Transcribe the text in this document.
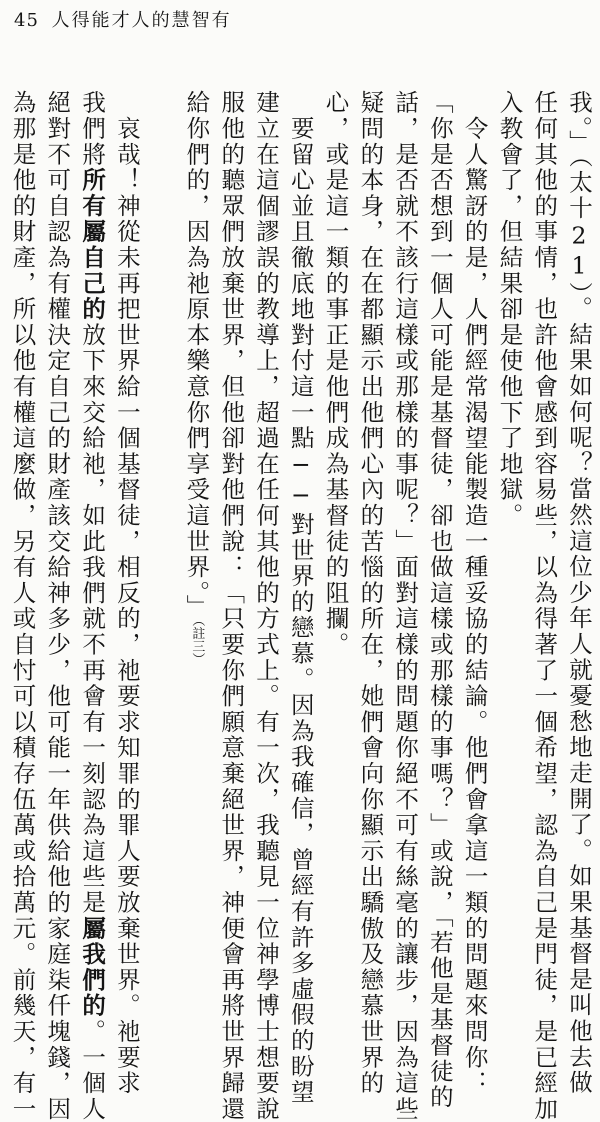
45 人得能才人的慧智有
我。」（太十21）。結果如何呢？當然這位少年人就憂愁地走開了。如果基督是叫他去做
任何其他的事情，也許他會感到容易些，以為得著了一個希望，認為自己是門徒，是已經加
入教會了，但結果卻是使他下了地獄。
　令人驚訝的是，人們經常渴望能製造一種妥協的結論。他們會拿這一類的問題來問你：
「你是否想到一個人可能是基督徒，卻也做這樣或那樣的事嗎？」或說，「若他是基督徒的
話，是否就不該行這樣或那樣的事呢？」面對這樣的問題你絕不可有絲毫的讓步，因為這些
疑問的本身，在在都顯示出他們心內的苦惱的所在，她們會向你顯示出驕傲及戀慕世界的
心，或是這一類的事正是他們成為基督徒的阻攔。
　要留心並且徹底地對付這一點──對世界的戀慕。因為我確信，曾經有許多虛假的盼望
建立在這個謬誤的教導上，超過在任何其他的方式上。有一次，我聽見一位神學博士想要說
服他的聽眾們放棄世界，但他卻對他們說：「只要你們願意棄絕世界，神便會再將世界歸還
給你們的，因為祂原本樂意你們享受這世界。」（註三）
　哀哉！神從未再把世界給一個基督徒，相反的，祂要求知罪的罪人要放棄世界。祂要求
我們將所有屬自己的放下來交給祂，如此我們就不再會有一刻認為這些是屬我們的。一個人
絕對不可自認為有權決定自己的財產該交給神多少，他可能一年供給他的家庭柒仟塊錢，因
為那是他的財產，所以他有權這麼做，另有人或自忖可以積存伍萬或拾萬元。前幾天，有一
